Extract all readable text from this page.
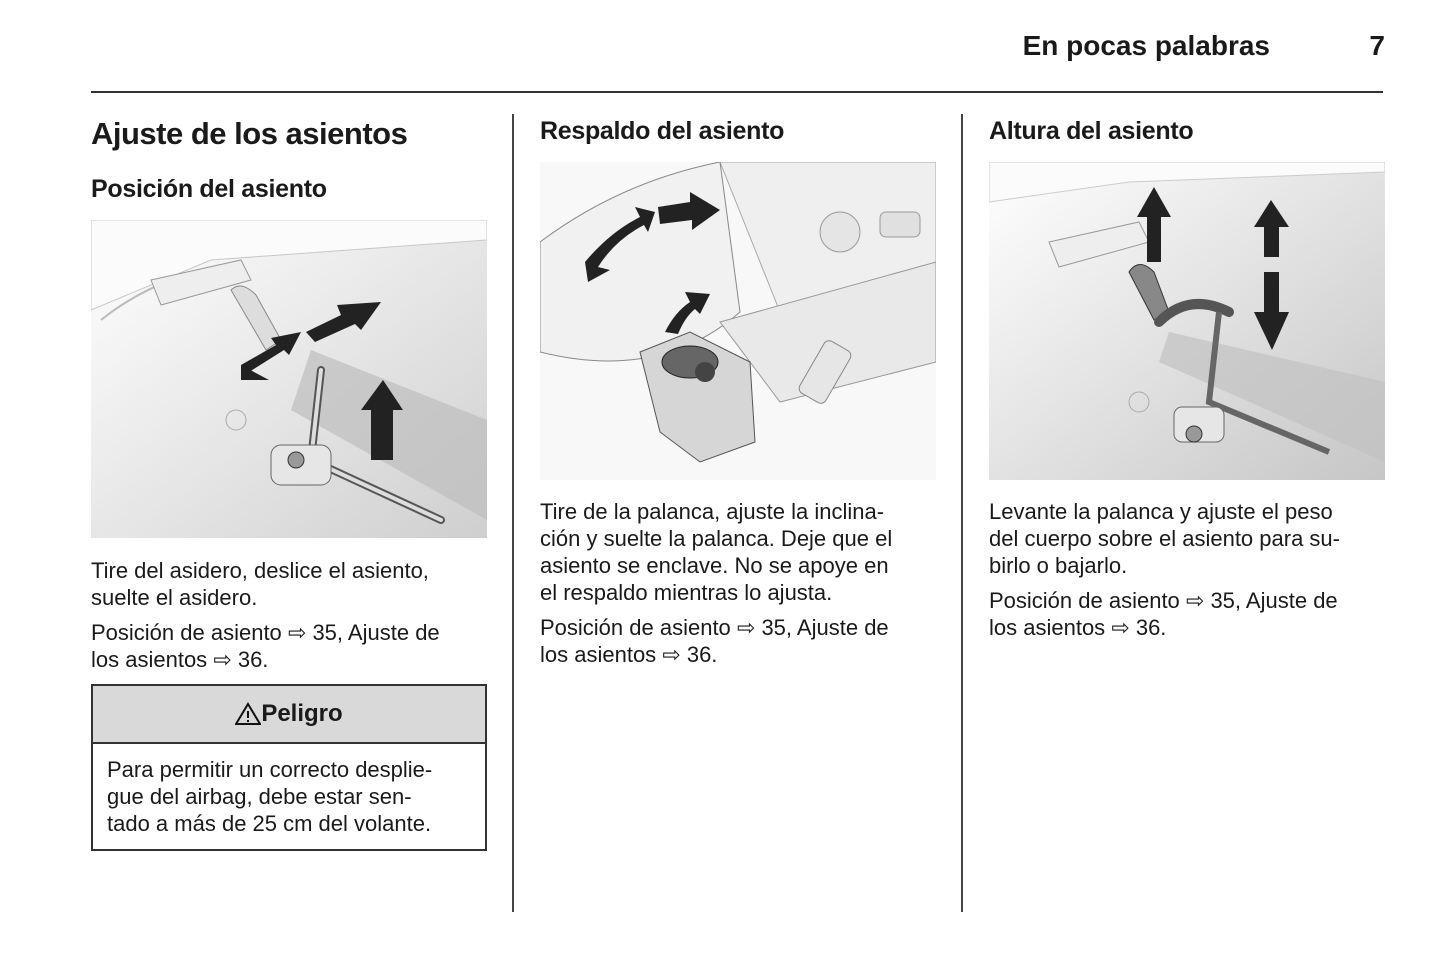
En pocas palabras	7
Ajuste de los asientos
Posición del asiento

Tire del asidero, deslice el asiento, suelte el asidero.

Posición de asiento ⇨ 35, Ajuste de

los asientos ⇨ 36.

Peligro
Para permitir un correcto desplie-
gue del airbag, debe estar sen-
tado a más de 25 cm del volante.
Respaldo del asiento

Tire de la palanca, ajuste la inclina-

ción y suelte la palanca. Deje que el

asiento se enclave. No se apoye en

el respaldo mientras lo ajusta.

Posición de asiento ⇨ 35, Ajuste de

los asientos ⇨ 36.

Altura del asiento

Levante la palanca y ajuste el peso

del cuerpo sobre el asiento para su-

birlo o bajarlo.

Posición de asiento ⇨ 35, Ajuste de

los asientos ⇨ 36.
